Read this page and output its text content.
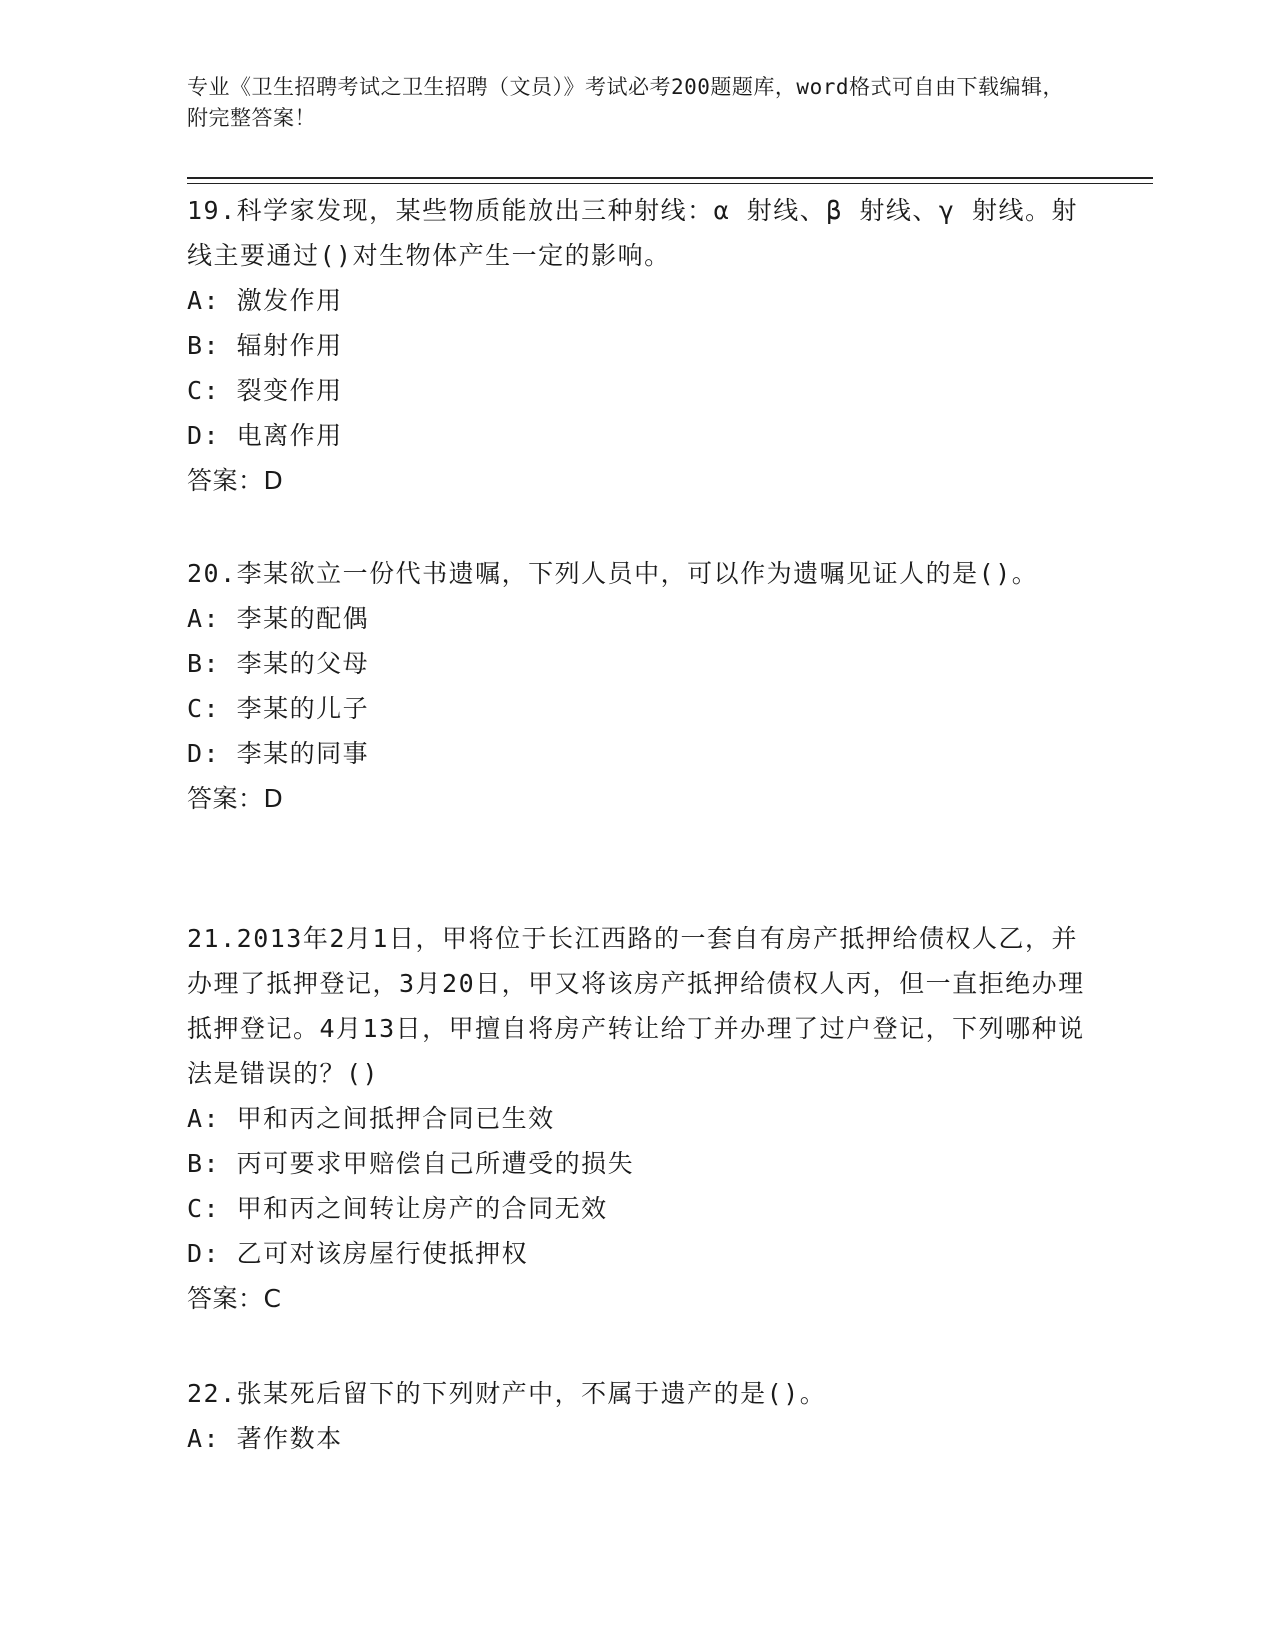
专业《卫生招聘考试之卫生招聘（文员）》考试必考200题题库，word格式可自由下载编辑，附完整答案！
19.科学家发现，某些物质能放出三种射线：α 射线、β 射线、γ 射线。射线主要通过()对生物体产生一定的影响。
A: 激发作用
B: 辐射作用
C: 裂变作用
D: 电离作用
答案：D
20.李某欲立一份代书遗嘱，下列人员中，可以作为遗嘱见证人的是()。
A: 李某的配偶
B: 李某的父母
C: 李某的儿子
D: 李某的同事
答案：D
21.2013年2月1日，甲将位于长江西路的一套自有房产抵押给债权人乙，并办理了抵押登记，3月20日，甲又将该房产抵押给债权人丙，但一直拒绝办理抵押登记。4月13日，甲擅自将房产转让给丁并办理了过户登记，下列哪种说法是错误的？()
A: 甲和丙之间抵押合同已生效
B: 丙可要求甲赔偿自己所遭受的损失
C: 甲和丙之间转让房产的合同无效
D: 乙可对该房屋行使抵押权
答案：C
22.张某死后留下的下列财产中，不属于遗产的是()。
A: 著作数本
